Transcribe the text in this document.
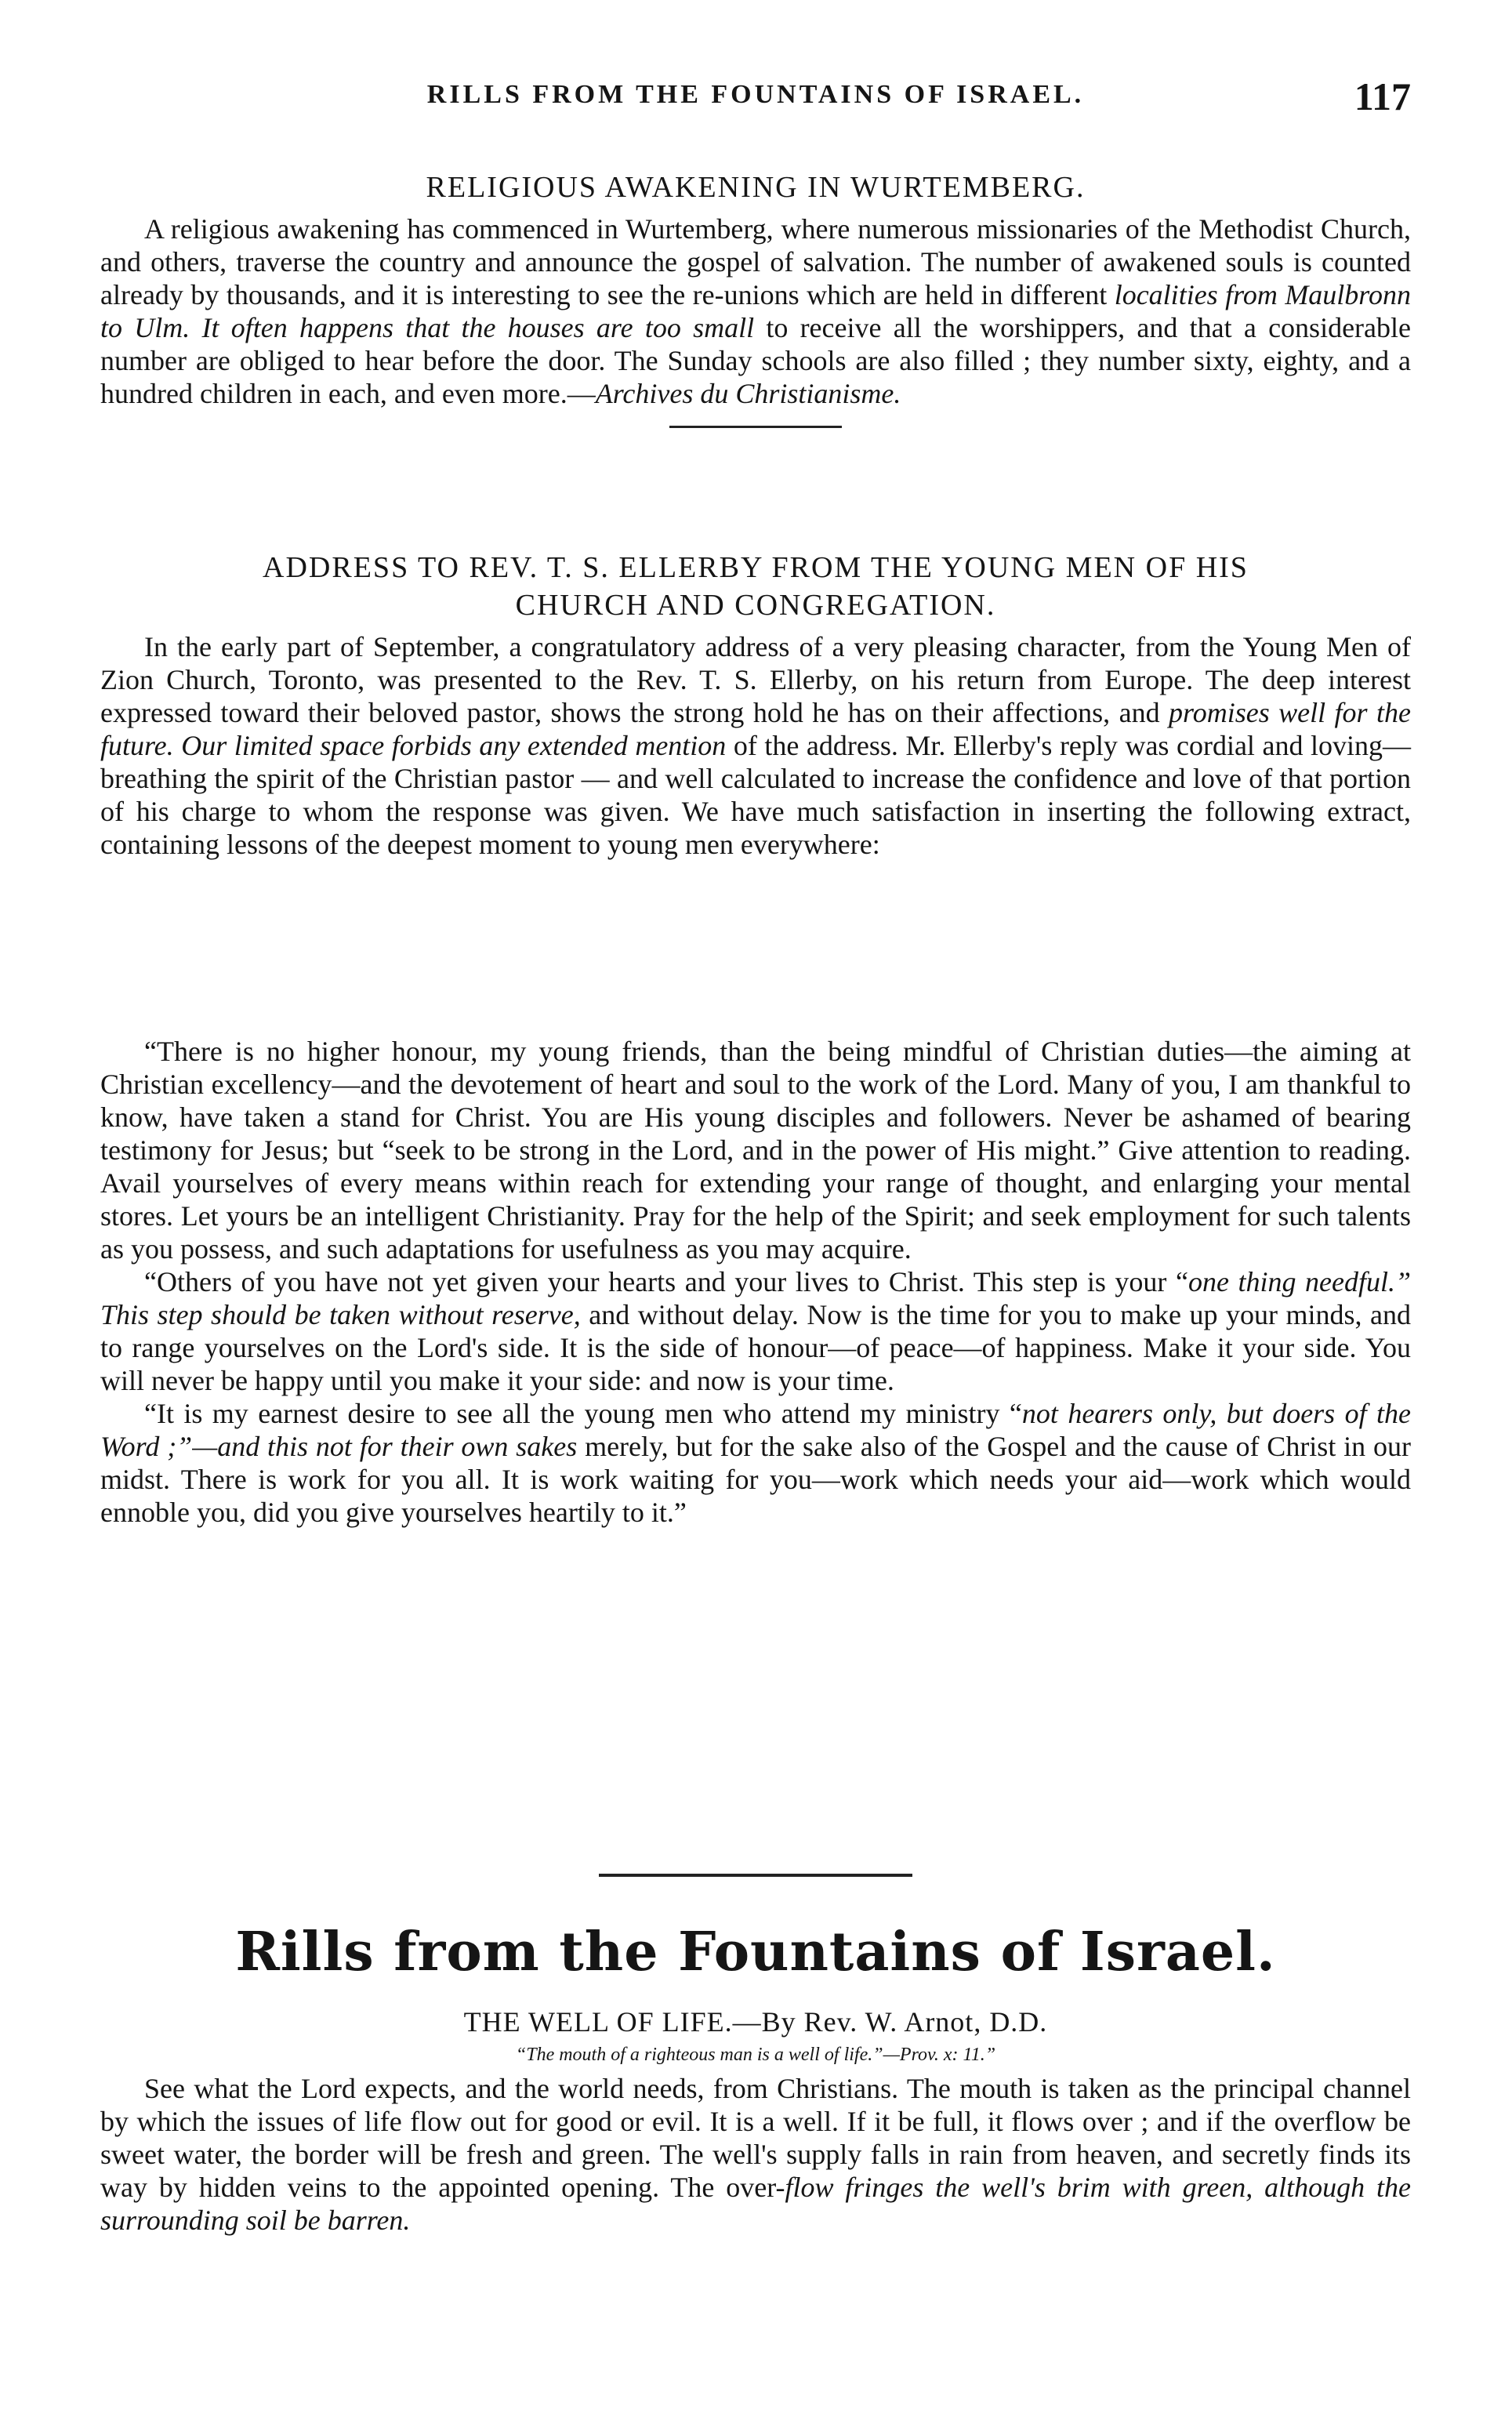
RILLS FROM THE FOUNTAINS OF ISRAEL.	117

RELIGIOUS AWAKENING IN WURTEMBERG.

A religious awakening has commenced in Wurtemberg, where numerous missionaries of the Methodist Church, and others, traverse the country and announce the gospel of salvation. The number of awakened souls is counted already by thousands, and it is interesting to see the re-unions which are held in different localities from Maulbronn to Ulm. It often happens that the houses are too small to receive all the worshippers, and that a considerable number are obliged to hear before the door. The Sunday schools are also filled ; they number sixty, eighty, and a hundred children in each, and even more.—Archives du Christianisme.

ADDRESS TO REV. T. S. ELLERBY FROM THE YOUNG MEN OF HIS

CHURCH AND CONGREGATION.

In the early part of September, a congratulatory address of a very pleasing character, from the Young Men of Zion Church, Toronto, was presented to the Rev. T. S. Ellerby, on his return from Europe. The deep interest expressed toward their beloved pastor, shows the strong hold he has on their affections, and promises well for the future. Our limited space forbids any extended mention of the address. Mr. Ellerby's reply was cordial and loving—breathing the spirit of the Christian pastor — and well calculated to increase the confidence and love of that portion of his charge to whom the response was given. We have much satisfaction in inserting the following extract, containing lessons of the deepest moment to young men everywhere:

“There is no higher honour, my young friends, than the being mindful of Christian duties—the aiming at Christian excellency—and the devotement of heart and soul to the work of the Lord. Many of you, I am thankful to know, have taken a stand for Christ. You are His young disciples and followers. Never be ashamed of bearing testimony for Jesus; but “seek to be strong in the Lord, and in the power of His might.” Give attention to reading. Avail yourselves of every means within reach for extending your range of thought, and enlarging your mental stores. Let yours be an intelligent Christianity. Pray for the help of the Spirit; and seek employment for such talents as you possess, and such adaptations for usefulness as you may acquire.

“Others of you have not yet given your hearts and your lives to Christ. This step is your “one thing needful.” This step should be taken without reserve, and without delay. Now is the time for you to make up your minds, and to range yourselves on the Lord's side. It is the side of honour—of peace—of happiness. Make it your side. You will never be happy until you make it your side: and now is your time.

“It is my earnest desire to see all the young men who attend my ministry “not hearers only, but doers of the Word ;”—and this not for their own sakes merely, but for the sake also of the Gospel and the cause of Christ in our midst. There is work for you all. It is work waiting for you—work which needs your aid—work which would ennoble you, did you give yourselves heartily to it.”

Rills from the Fountains of Israel.

THE WELL OF LIFE.—By Rev. W. Arnot, D.D.

“The mouth of a righteous man is a well of life.”—Prov. x: 11.”

See what the Lord expects, and the world needs, from Christians. The mouth is taken as the principal channel by which the issues of life flow out for good or evil. It is a well. If it be full, it flows over ; and if the overflow be sweet water, the border will be fresh and green. The well's supply falls in rain from heaven, and secretly finds its way by hidden veins to the appointed opening. The over-flow fringes the well's brim with green, although the surrounding soil be barren.
